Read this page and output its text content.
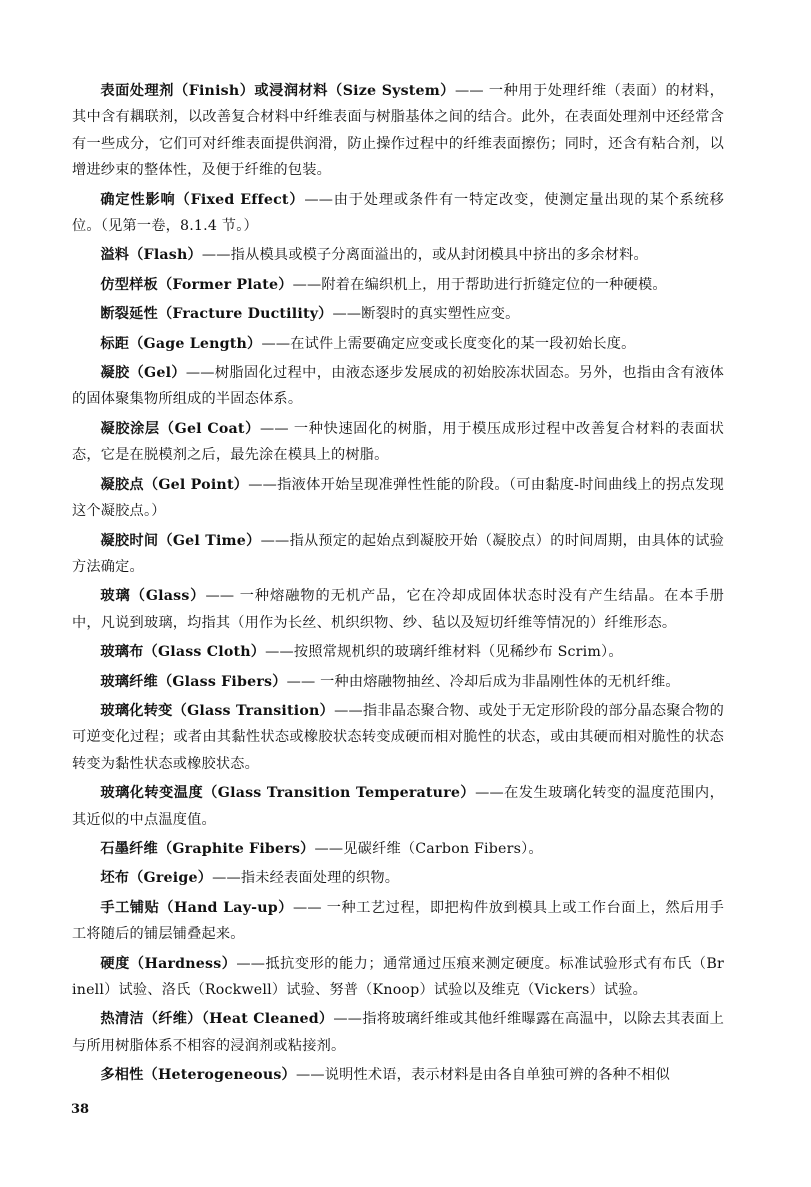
表面处理剂（Finish）或浸润材料（Size System）—— 一种用于处理纤维（表面）的材料，其中含有耦联剂，以改善复合材料中纤维表面与树脂基体之间的结合。此外，在表面处理剂中还经常含有一些成分，它们可对纤维表面提供润滑，防止操作过程中的纤维表面擦伤；同时，还含有粘合剂，以增进纱束的整体性，及便于纤维的包装。

确定性影响（Fixed Effect）——由于处理或条件有一特定改变，使测定量出现的某个系统移位。（见第一卷，8.1.4 节。）

溢料（Flash）——指从模具或模子分离面溢出的，或从封闭模具中挤出的多余材料。

仿型样板（Former Plate）——附着在编织机上，用于帮助进行折缝定位的一种硬模。

断裂延性（Fracture Ductility）——断裂时的真实塑性应变。

标距（Gage Length）——在试件上需要确定应变或长度变化的某一段初始长度。

凝胶（Gel）——树脂固化过程中，由液态逐步发展成的初始胶冻状固态。另外，也指由含有液体的固体聚集物所组成的半固态体系。

凝胶涂层（Gel Coat）—— 一种快速固化的树脂，用于模压成形过程中改善复合材料的表面状态，它是在脱模剂之后，最先涂在模具上的树脂。

凝胶点（Gel Point）——指液体开始呈现准弹性性能的阶段。（可由黏度-时间曲线上的拐点发现这个凝胶点。）

凝胶时间（Gel Time）——指从预定的起始点到凝胶开始（凝胶点）的时间周期，由具体的试验方法确定。

玻璃（Glass）—— 一种熔融物的无机产品，它在冷却成固体状态时没有产生结晶。在本手册中，凡说到玻璃，均指其（用作为长丝、机织织物、纱、毡以及短切纤维等情况的）纤维形态。

玻璃布（Glass Cloth）——按照常规机织的玻璃纤维材料（见稀纱布 Scrim）。

玻璃纤维（Glass Fibers）—— 一种由熔融物抽丝、冷却后成为非晶刚性体的无机纤维。

玻璃化转变（Glass Transition）——指非晶态聚合物、或处于无定形阶段的部分晶态聚合物的可逆变化过程；或者由其黏性状态或橡胶状态转变成硬而相对脆性的状态，或由其硬而相对脆性的状态转变为黏性状态或橡胶状态。

玻璃化转变温度（Glass Transition Temperature）——在发生玻璃化转变的温度范围内，其近似的中点温度值。

石墨纤维（Graphite Fibers）——见碳纤维（Carbon Fibers）。

坯布（Greige）——指未经表面处理的织物。

手工铺贴（Hand Lay-up）—— 一种工艺过程，即把构件放到模具上或工作台面上，然后用手工将随后的铺层铺叠起来。

硬度（Hardness）——抵抗变形的能力；通常通过压痕来测定硬度。标准试验形式有布氏（Br inell）试验、洛氏（Rockwell）试验、努普（Knoop）试验以及维克（Vickers）试验。

热清洁（纤维）（Heat Cleaned）——指将玻璃纤维或其他纤维曝露在高温中，以除去其表面上与所用树脂体系不相容的浸润剂或粘接剂。

多相性（Heterogeneous）——说明性术语，表示材料是由各自单独可辨的各种不相似

38
